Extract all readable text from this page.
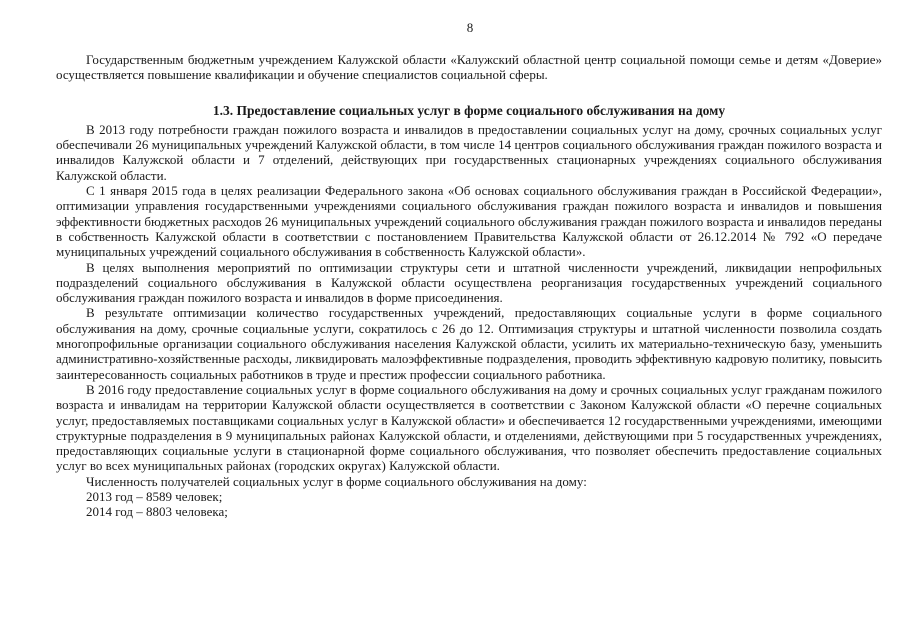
8

Государственным бюджетным учреждением Калужской области «Калужский областной центр социальной помощи семье и детям «Доверие» осуществляется повышение квалификации и обучение специалистов социальной сферы.

1.3. Предоставление социальных услуг в форме социального обслуживания на дому

В 2013 году потребности граждан пожилого возраста и инвалидов в предоставлении социальных услуг на дому, срочных социальных услуг обеспечивали 26 муниципальных учреждений Калужской области, в том числе 14 центров социального обслуживания граждан пожилого возраста и инвалидов Калужской области и 7 отделений, действующих при государственных стационарных учреждениях социального обслуживания Калужской области.

С 1 января 2015 года в целях реализации Федерального закона «Об основах социального обслуживания граждан в Российской Федерации», оптимизации управления государственными учреждениями социального обслуживания граждан пожилого возраста и инвалидов и повышения эффективности бюджетных расходов 26 муниципальных учреждений социального обслуживания граждан пожилого возраста и инвалидов переданы в собственность Калужской области в соответствии с постановлением Правительства Калужской области от 26.12.2014 № 792 «О передаче муниципальных учреждений социального обслуживания в собственность Калужской области».

В целях выполнения мероприятий по оптимизации структуры сети и штатной численности учреждений, ликвидации непрофильных подразделений социального обслуживания в Калужской области осуществлена реорганизация государственных учреждений социального обслуживания граждан пожилого возраста и инвалидов в форме присоединения.

В результате оптимизации количество государственных учреждений, предоставляющих социальные услуги в форме социального обслуживания на дому, срочные социальные услуги, сократилось с 26 до 12. Оптимизация структуры и штатной численности позволила создать многопрофильные организации социального обслуживания населения Калужской области, усилить их материально-техническую базу, уменьшить административно-хозяйственные расходы, ликвидировать малоэффективные подразделения, проводить эффективную кадровую политику, повысить заинтересованность социальных работников в труде и престиж профессии социального работника.

В 2016 году предоставление социальных услуг в форме социального обслуживания на дому и срочных социальных услуг гражданам пожилого возраста и инвалидам на территории Калужской области осуществляется в соответствии с Законом Калужской области «О перечне социальных услуг, предоставляемых поставщиками социальных услуг в Калужской области» и обеспечивается 12 государственными учреждениями, имеющими структурные подразделения в 9 муниципальных районах Калужской области, и отделениями, действующими при 5 государственных учреждениях, предоставляющих социальные услуги в стационарной форме социального обслуживания, что позволяет обеспечить предоставление социальных услуг во всех муниципальных районах (городских округах) Калужской области.

Численность получателей социальных услуг в форме социального обслуживания на дому:

2013 год – 8589 человек;

2014 год – 8803 человека;
